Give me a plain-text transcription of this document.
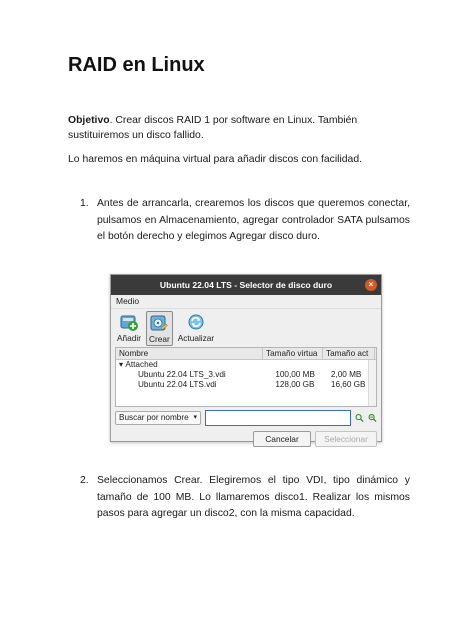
RAID en Linux
Objetivo. Crear discos RAID 1 por software en Linux. También sustituiremos un disco fallido.
Lo haremos en máquina virtual para añadir discos con facilidad.
1. Antes de arrancarla, crearemos los discos que queremos conectar, pulsamos en Almacenamiento, agregar controlador SATA pulsamos el botón derecho y elegimos Agregar disco duro.
Ubuntu 22.04 LTS - Selector de disco duro	×
Medio
Añadir Crear Actualizar
Nombre	Tamaño virtua	Tamaño act
▾
Attached
Ubuntu 22.04 LTS_3.vdi	100,00 MB	2,00 MB
Ubuntu 22.04 LTS.vdi	128,00 GB	16,60 GB
Buscar por nombre ▾
Cancelar	Seleccionar
2. Seleccionamos Crear. Elegiremos el tipo VDI, tipo dinámico y tamaño de 100 MB. Lo llamaremos disco1. Realizar los mismos pasos para agregar un disco2, con la misma capacidad.
